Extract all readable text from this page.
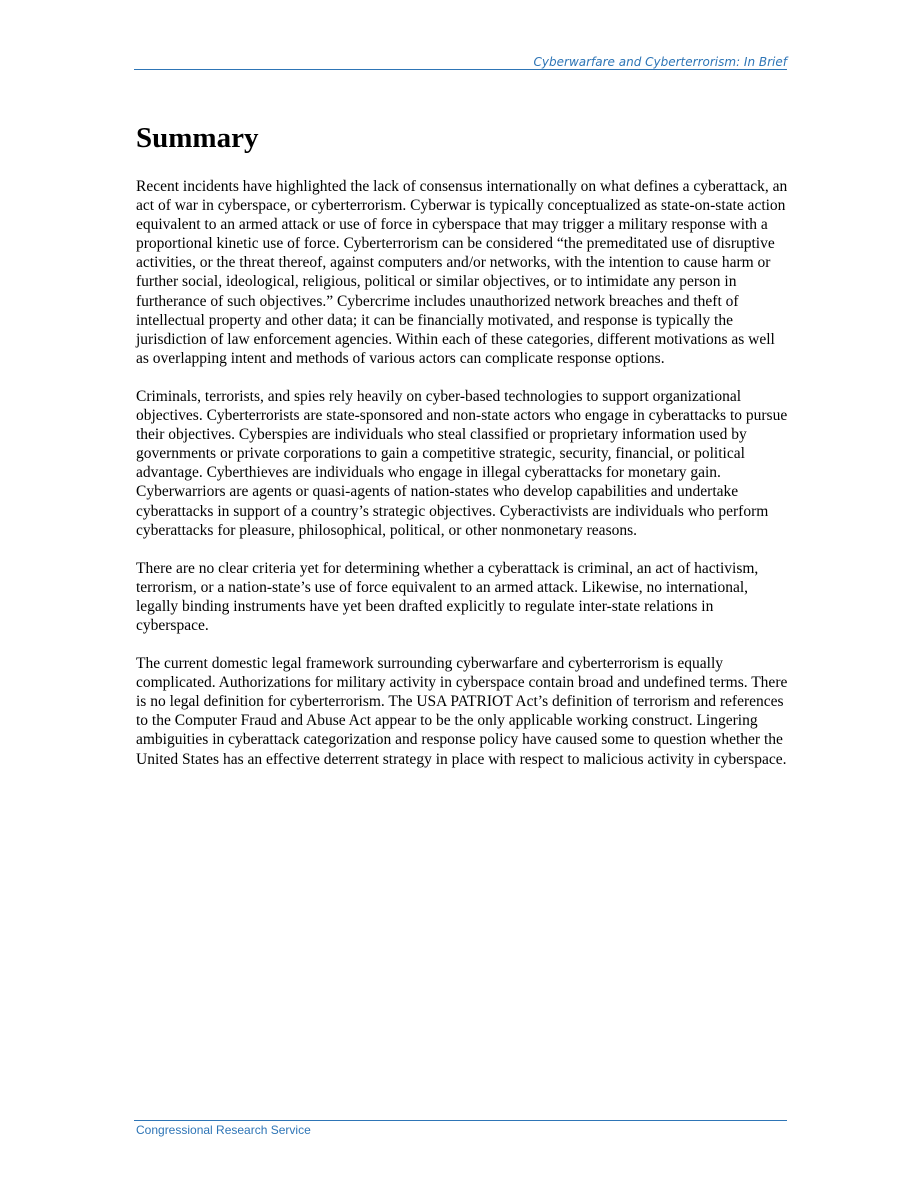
Cyberwarfare and Cyberterrorism: In Brief
Summary

Recent incidents have highlighted the lack of consensus internationally on what defines a cyberattack, an act of war in cyberspace, or cyberterrorism. Cyberwar is typically conceptualized as state-on-state action equivalent to an armed attack or use of force in cyberspace that may trigger a military response with a proportional kinetic use of force. Cyberterrorism can be considered “the premeditated use of disruptive activities, or the threat thereof, against computers and/or networks, with the intention to cause harm or further social, ideological, religious, political or similar objectives, or to intimidate any person in furtherance of such objectives.” Cybercrime includes unauthorized network breaches and theft of intellectual property and other data; it can be financially motivated, and response is typically the jurisdiction of law enforcement agencies. Within each of these categories, different motivations as well as overlapping intent and methods of various actors can complicate response options.

Criminals, terrorists, and spies rely heavily on cyber-based technologies to support organizational objectives. Cyberterrorists are state-sponsored and non-state actors who engage in cyberattacks to pursue their objectives. Cyberspies are individuals who steal classified or proprietary information used by governments or private corporations to gain a competitive strategic, security, financial, or political advantage. Cyberthieves are individuals who engage in illegal cyberattacks for monetary gain. Cyberwarriors are agents or quasi-agents of nation-states who develop capabilities and undertake cyberattacks in support of a country’s strategic objectives. Cyberactivists are individuals who perform cyberattacks for pleasure, philosophical, political, or other nonmonetary reasons.

There are no clear criteria yet for determining whether a cyberattack is criminal, an act of hactivism, terrorism, or a nation-state’s use of force equivalent to an armed attack. Likewise, no international, legally binding instruments have yet been drafted explicitly to regulate inter-state relations in cyberspace.

The current domestic legal framework surrounding cyberwarfare and cyberterrorism is equally complicated. Authorizations for military activity in cyberspace contain broad and undefined terms. There is no legal definition for cyberterrorism. The USA PATRIOT Act’s definition of terrorism and references to the Computer Fraud and Abuse Act appear to be the only applicable working construct. Lingering ambiguities in cyberattack categorization and response policy have caused some to question whether the United States has an effective deterrent strategy in place with respect to malicious activity in cyberspace.

Congressional Research Service
